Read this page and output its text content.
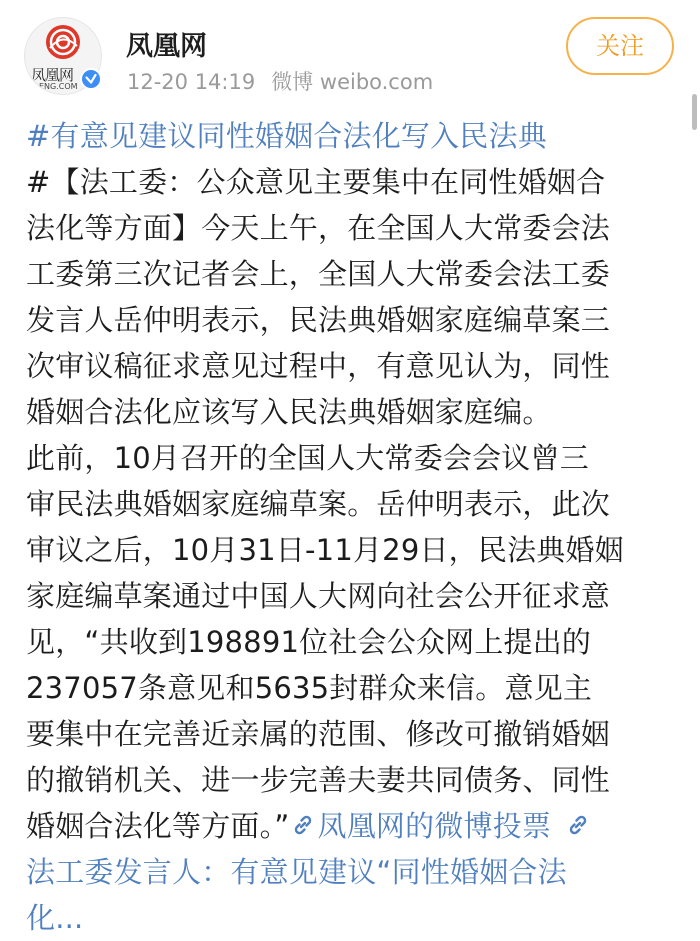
凤凰网
ENG.COM
凤凰网
12-20 14:19 微博 weibo.com
关注
#有意见建议同性婚姻合法化写入民法典
#【法工委：公众意见主要集中在同性婚姻合
法化等方面】今天上午，在全国人大常委会法
工委第三次记者会上，全国人大常委会法工委
发言人岳仲明表示，民法典婚姻家庭编草案三
次审议稿征求意见过程中，有意见认为，同性
婚姻合法化应该写入民法典婚姻家庭编。
此前，10月召开的全国人大常委会会议曾三
审民法典婚姻家庭编草案。岳仲明表示，此次
审议之后，10月31日-11月29日，民法典婚姻
家庭编草案通过中国人大网向社会公开征求意
见，“共收到198891位社会公众网上提出的
237057条意见和5635封群众来信。意见主
要集中在完善近亲属的范围、修改可撤销婚姻
的撤销机关、进一步完善夫妻共同债务、同性
婚姻合法化等方面。” 凤凰网的微博投票
法工委发言人：有意见建议“同性婚姻合法
化...
